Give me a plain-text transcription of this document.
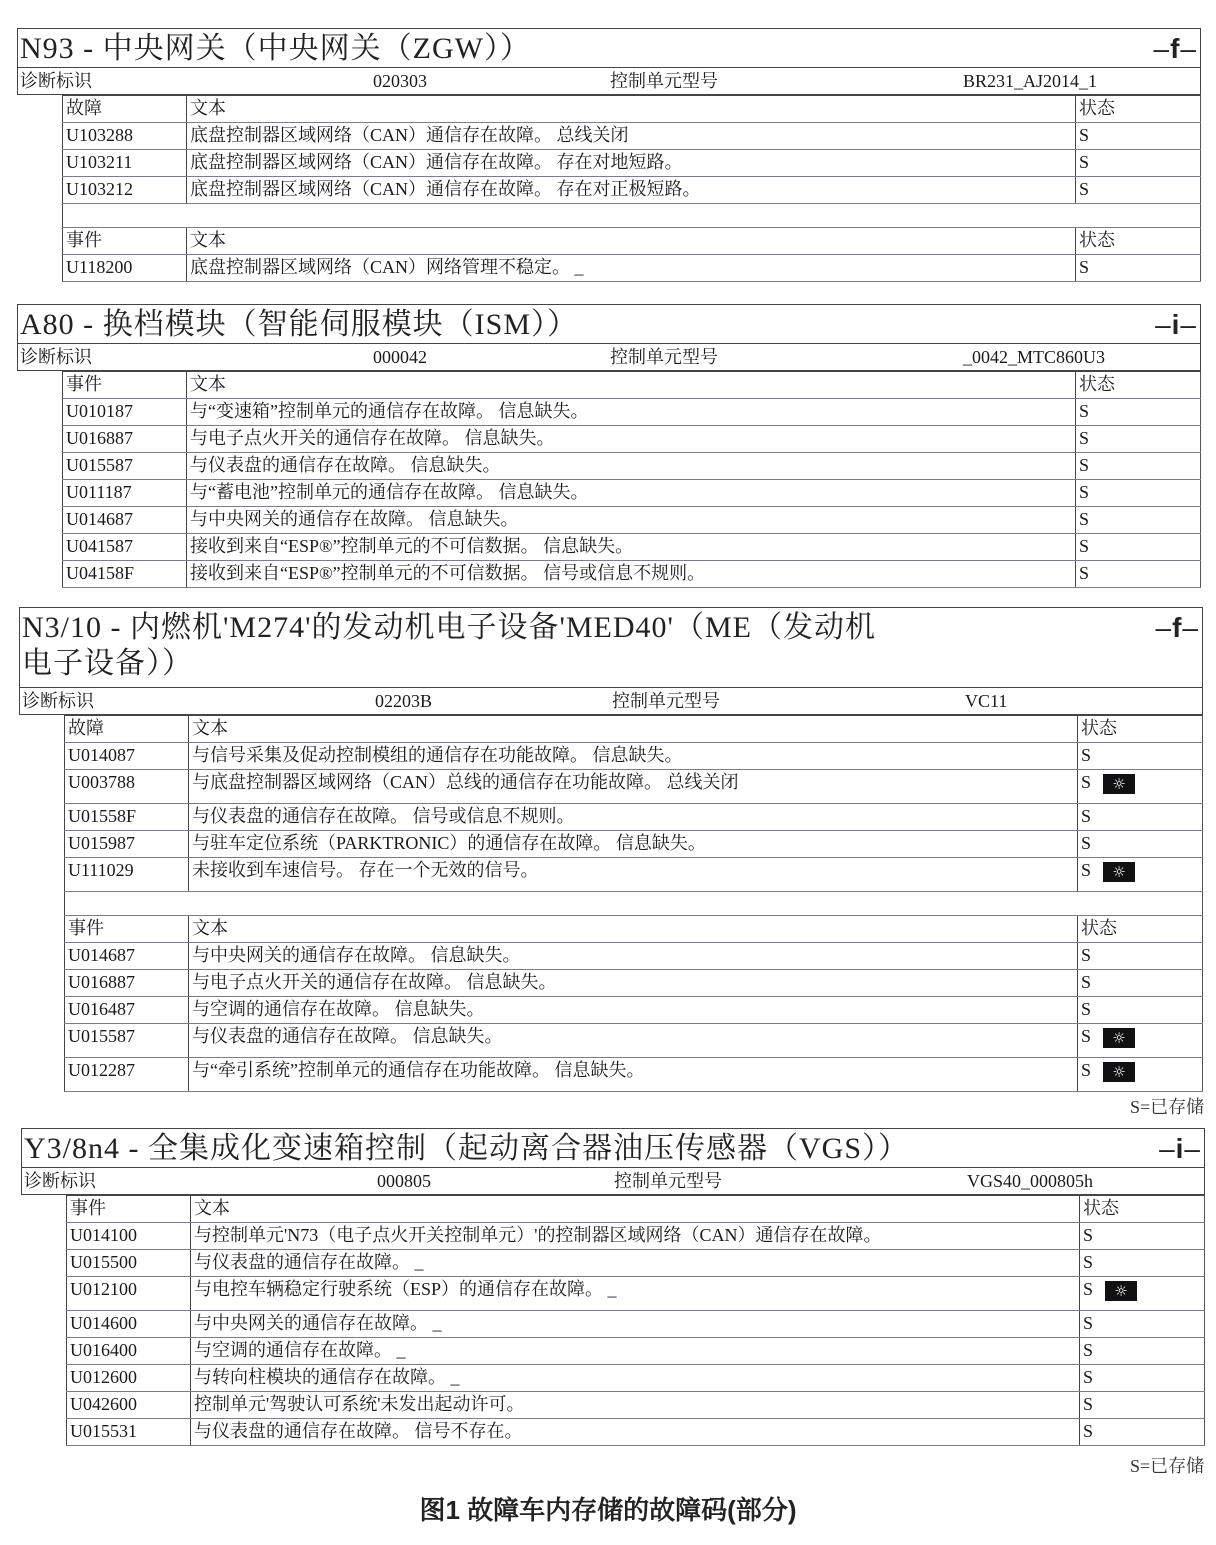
N93 - 中央网关（中央网关（ZGW））	– f –
诊断标识	020303	控制单元型号	BR231_AJ2014_1
故障	文本	状态
U103288	底盘控制器区域网络（CAN）通信存在故障。 总线关闭	S
U103211	底盘控制器区域网络（CAN）通信存在故障。 存在对地短路。	S
U103212	底盘控制器区域网络（CAN）通信存在故障。 存在对正极短路。	S

事件	文本	状态
U118200	底盘控制器区域网络（CAN）网络管理不稳定。 _	S
A80 - 换档模块（智能伺服模块（ISM））	– i –
诊断标识	000042	控制单元型号	_0042_MTC860U3
事件	文本	状态
U010187	与“变速箱”控制单元的通信存在故障。 信息缺失。	S
U016887	与电子点火开关的通信存在故障。 信息缺失。	S
U015587	与仪表盘的通信存在故障。 信息缺失。	S
U011187	与“蓄电池”控制单元的通信存在故障。 信息缺失。	S
U014687	与中央网关的通信存在故障。 信息缺失。	S
U041587	接收到来自“ESP®”控制单元的不可信数据。 信息缺失。	S
U04158F	接收到来自“ESP®”控制单元的不可信数据。 信号或信息不规则。	S
N3/10 - 内燃机'M274'的发动机电子设备'MED40'（ME（发动机电子设备））
– f –
诊断标识	02203B	控制单元型号	VC11
故障	文本	状态
U014087	与信号采集及促动控制模组的通信存在功能故障。 信息缺失。	S
U003788	与底盘控制器区域网络（CAN）总线的通信存在功能故障。 总线关闭	S ☼
U01558F	与仪表盘的通信存在故障。 信号或信息不规则。	S
U015987	与驻车定位系统（PARKTRONIC）的通信存在故障。 信息缺失。	S
U111029	未接收到车速信号。 存在一个无效的信号。	S ☼

事件	文本	状态
U014687	与中央网关的通信存在故障。 信息缺失。	S
U016887	与电子点火开关的通信存在故障。 信息缺失。	S
U016487	与空调的通信存在故障。 信息缺失。	S
U015587	与仪表盘的通信存在故障。 信息缺失。	S ☼
U012287	与“牵引系统”控制单元的通信存在功能故障。 信息缺失。	S ☼
S=已存储
Y3/8n4 - 全集成化变速箱控制（起动离合器油压传感器（VGS））	– i –
诊断标识	000805	控制单元型号	VGS40_000805h
事件	文本	状态
U014100	与控制单元'N73（电子点火开关控制单元）'的控制器区域网络（CAN）通信存在故障。	S
U015500	与仪表盘的通信存在故障。 _	S
U012100	与电控车辆稳定行驶系统（ESP）的通信存在故障。 _	S ☼
U014600	与中央网关的通信存在故障。 _	S
U016400	与空调的通信存在故障。 _	S
U012600	与转向柱模块的通信存在故障。 _	S
U042600	控制单元'驾驶认可系统'未发出起动许可。	S
U015531	与仪表盘的通信存在故障。 信号不存在。	S
S=已存储
图1 故障车内存储的故障码(部分)
